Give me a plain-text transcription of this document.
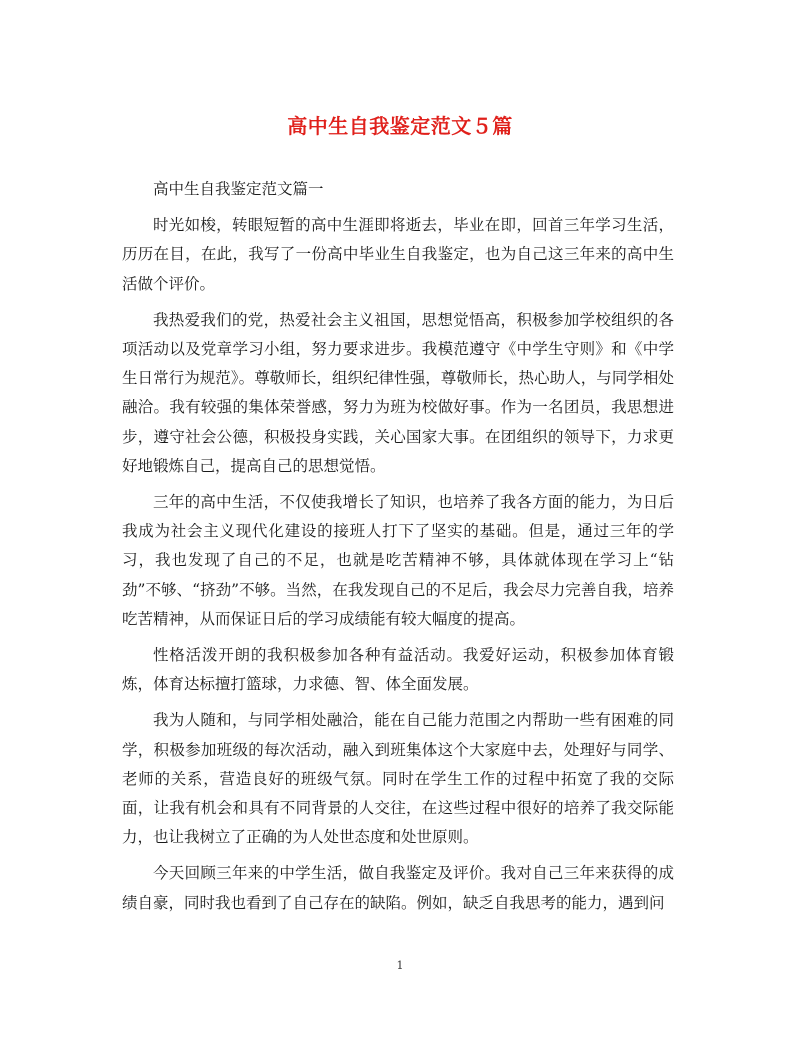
高中生自我鉴定范文５篇

高中生自我鉴定范文篇一

时光如梭，转眼短暂的高中生涯即将逝去，毕业在即，回首三年学习生活，历历在目，在此，我写了一份高中毕业生自我鉴定，也为自己这三年来的高中生活做个评价。

我热爱我们的党，热爱社会主义祖国，思想觉悟高，积极参加学校组织的各项活动以及党章学习小组，努力要求进步。我模范遵守《中学生守则》和《中学生日常行为规范》。尊敬师长，组织纪律性强，尊敬师长，热心助人，与同学相处融洽。我有较强的集体荣誉感，努力为班为校做好事。作为一名团员，我思想进步，遵守社会公德，积极投身实践，关心国家大事。在团组织的领导下，力求更好地锻炼自己，提高自己的思想觉悟。

三年的高中生活，不仅使我增长了知识，也培养了我各方面的能力，为日后我成为社会主义现代化建设的接班人打下了坚实的基础。但是，通过三年的学习，我也发现了自己的不足，也就是吃苦精神不够，具体就体现在学习上“钻劲”不够、“挤劲”不够。当然，在我发现自己的不足后，我会尽力完善自我，培养吃苦精神，从而保证日后的学习成绩能有较大幅度的提高。

性格活泼开朗的我积极参加各种有益活动。我爱好运动，积极参加体育锻炼，体育达标擅打篮球，力求德、智、体全面发展。

我为人随和，与同学相处融洽，能在自己能力范围之内帮助一些有困难的同学，积极参加班级的每次活动，融入到班集体这个大家庭中去，处理好与同学、老师的关系，营造良好的班级气氛。同时在学生工作的过程中拓宽了我的交际面，让我有机会和具有不同背景的人交往，在这些过程中很好的培养了我交际能力，也让我树立了正确的为人处世态度和处世原则。

今天回顾三年来的中学生活，做自我鉴定及评价。我对自己三年来获得的成绩自豪，同时我也看到了自己存在的缺陷。例如，缺乏自我思考的能力，遇到问

1
